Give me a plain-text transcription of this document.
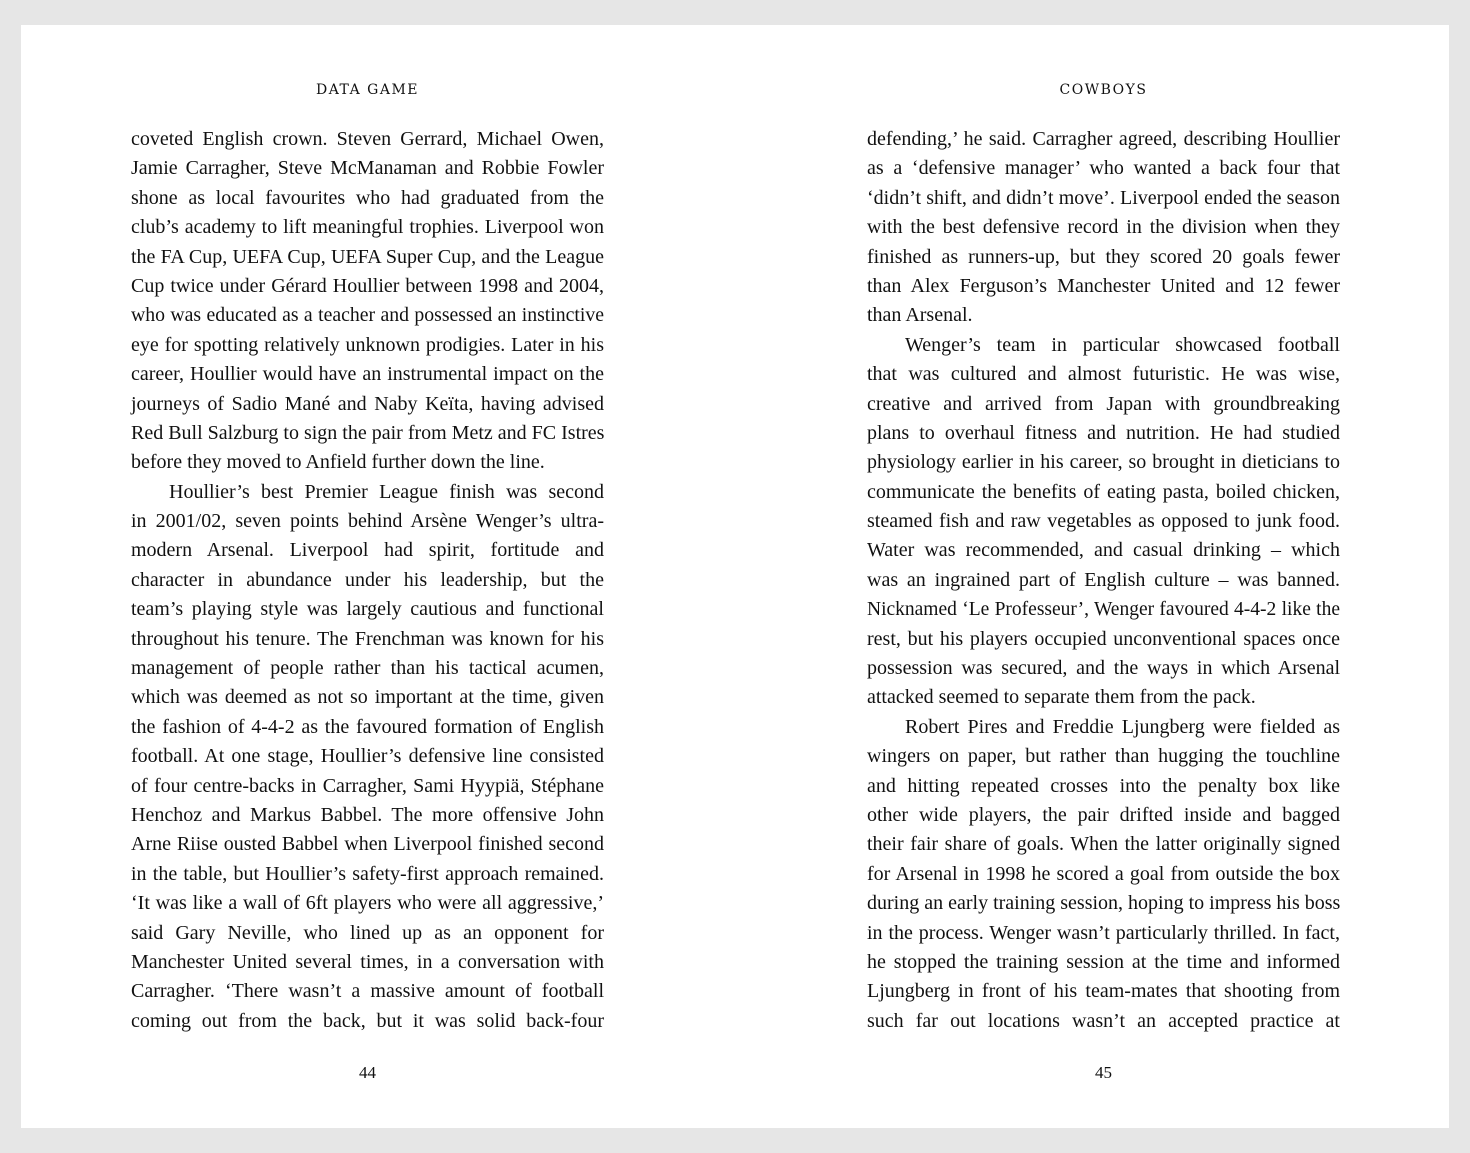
DATA GAME
coveted English crown. Steven Gerrard, Michael Owen,
Jamie Carragher, Steve McManaman and Robbie Fowler
shone as local favourites who had graduated from the
club’s academy to lift meaningful trophies. Liverpool won
the FA Cup, UEFA Cup, UEFA Super Cup, and the League
Cup twice under Gérard Houllier between 1998 and 2004,
who was educated as a teacher and possessed an instinctive
eye for spotting relatively unknown prodigies. Later in his
career, Houllier would have an instrumental impact on the
journeys of Sadio Mané and Naby Keïta, having advised
Red Bull Salzburg to sign the pair from Metz and FC Istres
before they moved to Anfield further down the line.
Houllier’s best Premier League finish was second
in 2001/02, seven points behind Arsène Wenger’s ultra-
modern Arsenal. Liverpool had spirit, fortitude and
character in abundance under his leadership, but the
team’s playing style was largely cautious and functional
throughout his tenure. The Frenchman was known for his
management of people rather than his tactical acumen,
which was deemed as not so important at the time, given
the fashion of 4-4-2 as the favoured formation of English
football. At one stage, Houllier’s defensive line consisted
of four centre-backs in Carragher, Sami Hyypiä, Stéphane
Henchoz and Markus Babbel. The more offensive John
Arne Riise ousted Babbel when Liverpool finished second
in the table, but Houllier’s safety-first approach remained.
‘It was like a wall of 6ft players who were all aggressive,’
said Gary Neville, who lined up as an opponent for
Manchester United several times, in a conversation with
Carragher. ‘There wasn’t a massive amount of football
coming out from the back, but it was solid back-four
44
COWBOYS
defending,’ he said. Carragher agreed, describing Houllier
as a ‘defensive manager’ who wanted a back four that
‘didn’t shift, and didn’t move’. Liverpool ended the season
with the best defensive record in the division when they
finished as runners-up, but they scored 20 goals fewer
than Alex Ferguson’s Manchester United and 12 fewer
than Arsenal.
Wenger’s team in particular showcased football
that was cultured and almost futuristic. He was wise,
creative and arrived from Japan with groundbreaking
plans to overhaul fitness and nutrition. He had studied
physiology earlier in his career, so brought in dieticians to
communicate the benefits of eating pasta, boiled chicken,
steamed fish and raw vegetables as opposed to junk food.
Water was recommended, and casual drinking – which
was an ingrained part of English culture – was banned.
Nicknamed ‘Le Professeur’, Wenger favoured 4-4-2 like the
rest, but his players occupied unconventional spaces once
possession was secured, and the ways in which Arsenal
attacked seemed to separate them from the pack.
Robert Pires and Freddie Ljungberg were fielded as
wingers on paper, but rather than hugging the touchline
and hitting repeated crosses into the penalty box like
other wide players, the pair drifted inside and bagged
their fair share of goals. When the latter originally signed
for Arsenal in 1998 he scored a goal from outside the box
during an early training session, hoping to impress his boss
in the process. Wenger wasn’t particularly thrilled. In fact,
he stopped the training session at the time and informed
Ljungberg in front of his team-mates that shooting from
such far out locations wasn’t an accepted practice at
45
